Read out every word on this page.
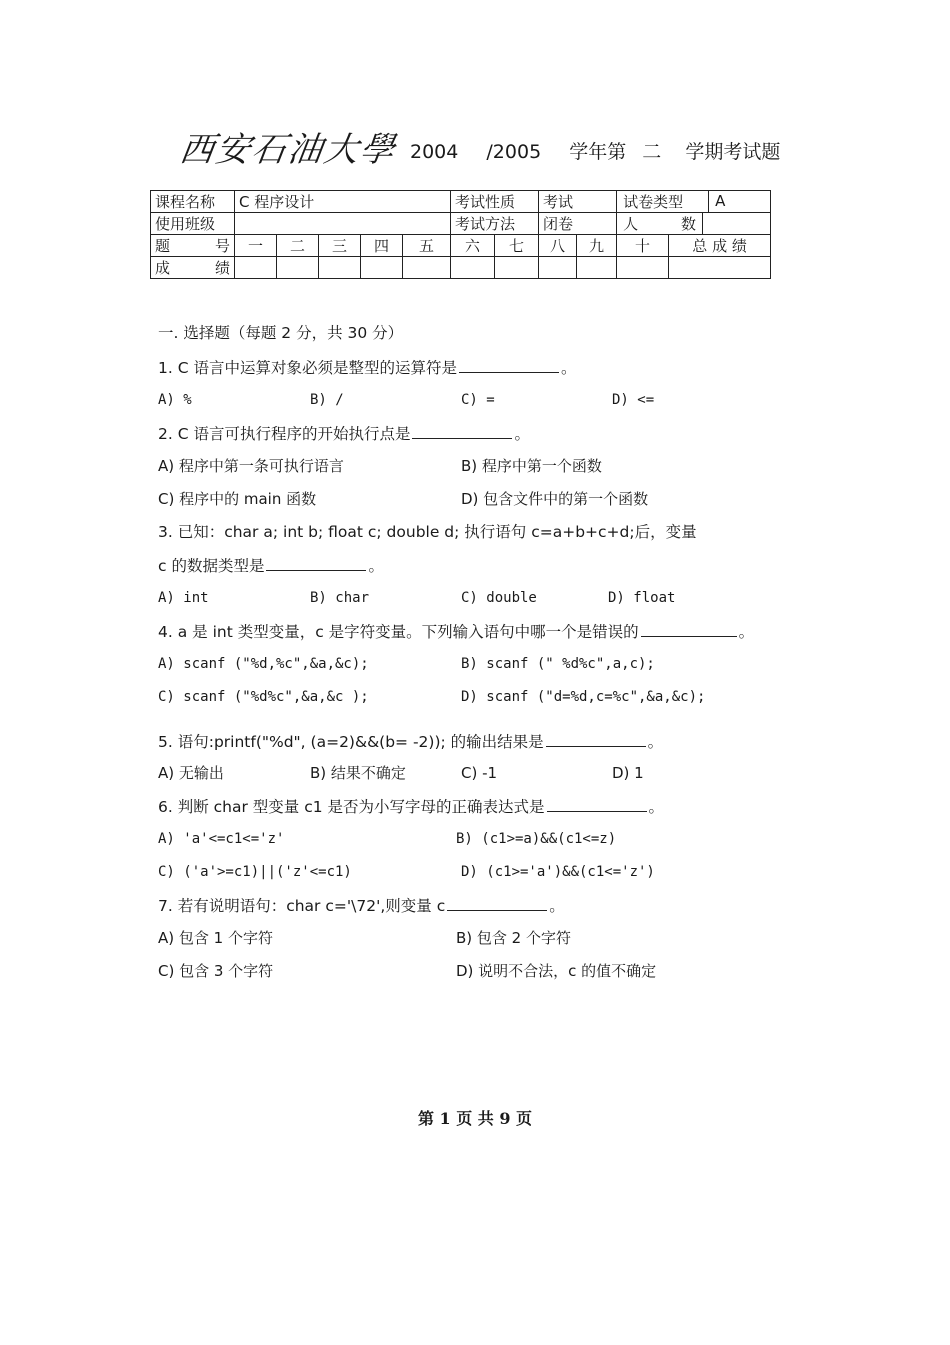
西安石油大學 2004 /2005 学年第 二 学期考试题
课程名称	C 程序设计					考试性质		考试		试卷类型 A	

使用班级						考试方法		闭卷		人 数	

题 号	一	二	三	四	五	六	七	八	九	十	总 成 绩
成 绩											
一. 选择题（每题 2 分，共 30 分）
1. C 语言中运算对象必须是整型的运算符是	。
A) %	B) /	C) =	D) <=
2. C 语言可执行程序的开始执行点是	。
A) 程序中第一条可执行语言	B) 程序中第一个函数
C) 程序中的 main 函数	D) 包含文件中的第一个函数
3. 已知：char a; int b; float c; double d; 执行语句 c=a+b+c+d;后，变量
c 的数据类型是	。
A) int	B) char	C) double	D) float
4. a 是 int 类型变量，c 是字符变量。下列输入语句中哪一个是错误的	。
A) scanf ("%d,%c",&a,&c);	B) scanf (" %d%c",a,c);
C) scanf ("%d%c",&a,&c );	D) scanf ("d=%d,c=%c",&a,&c);
5. 语句:printf("%d", (a=2)&&(b= -2)); 的输出结果是	。
A) 无输出	B) 结果不确定	C) -1	D) 1
6. 判断 char 型变量 c1 是否为小写字母的正确表达式是	。
A) 'a'<=c1<='z'	B) (c1>=a)&&(c1<=z)
C) ('a'>=c1)||('z'<=c1)	D) (c1>='a')&&(c1<='z')
7. 若有说明语句：char c='\72',则变量 c	。
A) 包含 1 个字符	B) 包含 2 个字符
C) 包含 3 个字符	D) 说明不合法，c 的值不确定
第 1 页 共 9 页
